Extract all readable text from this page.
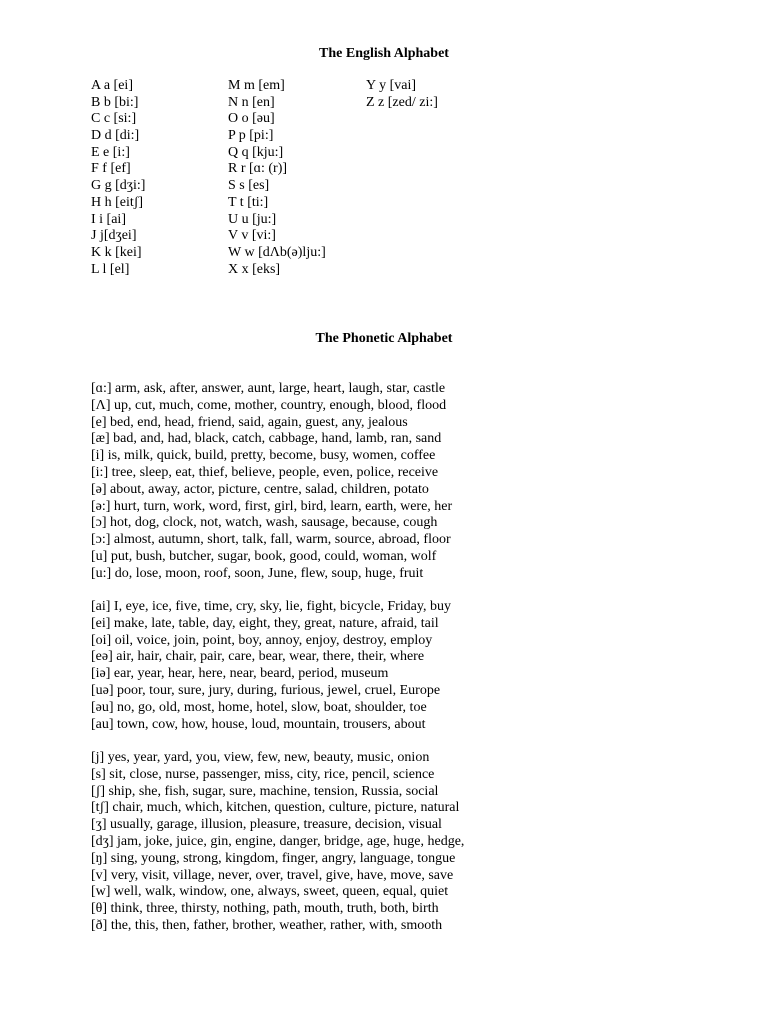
The English Alphabet
A a [ei]
B b [bi:]
C c [si:]
D d [di:]
E e [i:]
F f [ef]
G g [dʒi:]
H h [eitʃ]
I i [ai]
J j[dʒei]
K k [kei]
L l [el]
M m [em]
N n [en]
O o [əu]
P p [pi:]
Q q [kju:]
R r [ɑ: (r)]
S s [es]
T t [ti:]
U u [ju:]
V v [vi:]
W w [dΛb(ə)lju:]
X x [eks]
Y y [vai]
Z z [zed/ zi:]
The Phonetic Alphabet
[ɑ:] arm, ask, after, answer, aunt, large, heart, laugh, star, castle
[Λ] up, cut, much, come, mother, country, enough, blood, flood
[e] bed, end, head, friend, said, again, guest, any, jealous
[æ] bad, and, had, black, catch, cabbage, hand, lamb, ran, sand
[i] is, milk, quick, build, pretty, become, busy, women, coffee
[i:] tree, sleep, eat, thief, believe, people, even, police, receive
[ə] about, away, actor, picture, centre, salad, children, potato
[ə:] hurt, turn, work, word, first, girl, bird, learn, earth, were, her
[ɔ] hot, dog, clock, not, watch, wash, sausage, because, cough
[ɔ:] almost, autumn, short, talk, fall, warm, source, abroad, floor
[u] put, bush, butcher, sugar, book, good, could, woman, wolf
[u:] do, lose, moon, roof, soon, June, flew, soup, huge, fruit
[ai] I, eye, ice, five, time, cry, sky, lie, fight, bicycle, Friday, buy
[ei] make, late, table, day, eight, they, great, nature, afraid, tail
[oi] oil, voice, join, point, boy, annoy, enjoy, destroy, employ
[eə] air, hair, chair, pair, care, bear, wear, there, their, where
[iə] ear, year, hear, here, near, beard, period, museum
[uə] poor, tour, sure, jury, during, furious, jewel, cruel, Europe
[əu] no, go, old, most, home, hotel, slow, boat, shoulder, toe
[au] town, cow, how, house, loud, mountain, trousers, about
[j] yes, year, yard, you, view, few, new, beauty, music, onion
[s] sit, close, nurse, passenger, miss, city, rice, pencil, science
[ʃ] ship, she, fish, sugar, sure, machine, tension, Russia, social
[tʃ] chair, much, which, kitchen, question, culture, picture, natural
[ʒ] usually, garage, illusion, pleasure, treasure, decision, visual
[dʒ] jam, joke, juice, gin, engine, danger, bridge, age, huge, hedge,
[ŋ] sing, young, strong, kingdom, finger, angry, language, tongue
[v] very, visit, village, never, over, travel, give, have, move, save
[w] well, walk, window, one, always, sweet, queen, equal, quiet
[θ] think, three, thirsty, nothing, path, mouth, truth, both, birth
[ð] the, this, then, father, brother, weather, rather, with, smooth
